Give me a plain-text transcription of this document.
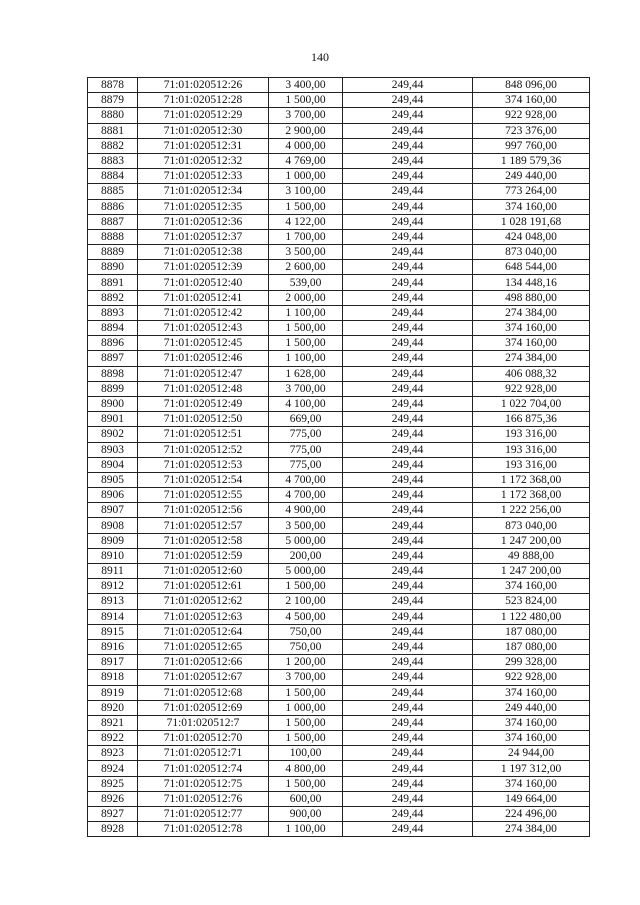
140
8878	71:01:020512:26	3 400,00	249,44	848 096,00
8879	71:01:020512:28	1 500,00	249,44	374 160,00
8880	71:01:020512:29	3 700,00	249,44	922 928,00
8881	71:01:020512:30	2 900,00	249,44	723 376,00
8882	71:01:020512:31	4 000,00	249,44	997 760,00
8883	71:01:020512:32	4 769,00	249,44	1 189 579,36
8884	71:01:020512:33	1 000,00	249,44	249 440,00
8885	71:01:020512:34	3 100,00	249,44	773 264,00
8886	71:01:020512:35	1 500,00	249,44	374 160,00
8887	71:01:020512:36	4 122,00	249,44	1 028 191,68
8888	71:01:020512:37	1 700,00	249,44	424 048,00
8889	71:01:020512:38	3 500,00	249,44	873 040,00
8890	71:01:020512:39	2 600,00	249,44	648 544,00
8891	71:01:020512:40	539,00	249,44	134 448,16
8892	71:01:020512:41	2 000,00	249,44	498 880,00
8893	71:01:020512:42	1 100,00	249,44	274 384,00
8894	71:01:020512:43	1 500,00	249,44	374 160,00
8896	71:01:020512:45	1 500,00	249,44	374 160,00
8897	71:01:020512:46	1 100,00	249,44	274 384,00
8898	71:01:020512:47	1 628,00	249,44	406 088,32
8899	71:01:020512:48	3 700,00	249,44	922 928,00
8900	71:01:020512:49	4 100,00	249,44	1 022 704,00
8901	71:01:020512:50	669,00	249,44	166 875,36
8902	71:01:020512:51	775,00	249,44	193 316,00
8903	71:01:020512:52	775,00	249,44	193 316,00
8904	71:01:020512:53	775,00	249,44	193 316,00
8905	71:01:020512:54	4 700,00	249,44	1 172 368,00
8906	71:01:020512:55	4 700,00	249,44	1 172 368,00
8907	71:01:020512:56	4 900,00	249,44	1 222 256,00
8908	71:01:020512:57	3 500,00	249,44	873 040,00
8909	71:01:020512:58	5 000,00	249,44	1 247 200,00
8910	71:01:020512:59	200,00	249,44	49 888,00
8911	71:01:020512:60	5 000,00	249,44	1 247 200,00
8912	71:01:020512:61	1 500,00	249,44	374 160,00
8913	71:01:020512:62	2 100,00	249,44	523 824,00
8914	71:01:020512:63	4 500,00	249,44	1 122 480,00
8915	71:01:020512:64	750,00	249,44	187 080,00
8916	71:01:020512:65	750,00	249,44	187 080,00
8917	71:01:020512:66	1 200,00	249,44	299 328,00
8918	71:01:020512:67	3 700,00	249,44	922 928,00
8919	71:01:020512:68	1 500,00	249,44	374 160,00
8920	71:01:020512:69	1 000,00	249,44	249 440,00
8921	71:01:020512:7	1 500,00	249,44	374 160,00
8922	71:01:020512:70	1 500,00	249,44	374 160,00
8923	71:01:020512:71	100,00	249,44	24 944,00
8924	71:01:020512:74	4 800,00	249,44	1 197 312,00
8925	71:01:020512:75	1 500,00	249,44	374 160,00
8926	71:01:020512:76	600,00	249,44	149 664,00
8927	71:01:020512:77	900,00	249,44	224 496,00
8928	71:01:020512:78	1 100,00	249,44	274 384,00
